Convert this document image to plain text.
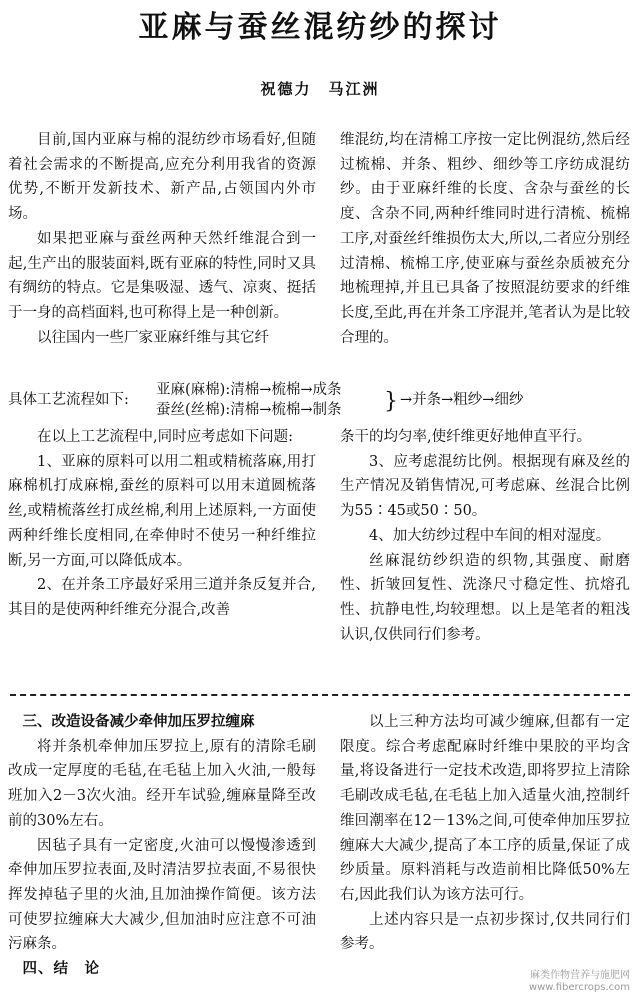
亚麻与蚕丝混纺纱的探讨
祝德力　马江洲

目前,国内亚麻与棉的混纺纱市场看好,但随着社会需求的不断提高,应充分利用我省的资源优势,不断开发新技术、新产品,占领国内外市场。

如果把亚麻与蚕丝两种天然纤维混合到一起,生产出的服装面料,既有亚麻的特性,同时又具有绸纺的特点。它是集吸湿、透气、凉爽、挺括于一身的高档面料,也可称得上是一种创新。

以往国内一些厂家亚麻纤维与其它纤

维混纺,均在清棉工序按一定比例混纺,然后经过梳棉、并条、粗纱、细纱等工序纺成混纺纱。由于亚麻纤维的长度、含杂与蚕丝的长度、含杂不同,两种纤维同时进行清梳、梳棉工序,对蚕丝纤维损伤太大,所以,二者应分别经过清棉、梳棉工序,使亚麻与蚕丝杂质被充分地梳理掉,并且已具备了按照混纺要求的纤维长度,至此,再在并条工序混并,笔者认为是比较合理的。

具体工艺流程如下:
亚麻(麻棉):清棉→梳棉→成条
蚕丝(丝棉):清棉→梳棉→制条 } →并条→粗纱→细纱

在以上工艺流程中,同时应考虑如下问题:

1、亚麻的原料可以用二粗或精梳落麻,用打麻棉机打成麻棉,蚕丝的原料可以用末道圆梳落丝,或精梳落丝打成丝棉,利用上述原料,一方面使两种纤维长度相同,在牵伸时不使另一种纤维拉断,另一方面,可以降低成本。

2、在并条工序最好采用三道并条反复并合,其目的是使两种纤维充分混合,改善

条干的均匀率,使纤维更好地伸直平行。

3、应考虑混纺比例。根据现有麻及丝的生产情况及销售情况,可考虑麻、丝混合比例为55∶45或50∶50。

4、加大纺纱过程中车间的相对湿度。

丝麻混纺纱织造的织物,其强度、耐磨性、折皱回复性、洗涤尺寸稳定性、抗熔孔性、抗静电性,均较理想。以上是笔者的粗浅认识,仅供同行们参考。

三、改造设备减少牵伸加压罗拉缠麻

将并条机牵伸加压罗拉上,原有的清除毛刷改成一定厚度的毛毡,在毛毡上加入火油,一般每班加入2－3次火油。经开车试验,缠麻量降至改前的30%左右。

因毡子具有一定密度,火油可以慢慢渗透到牵伸加压罗拉表面,及时清洁罗拉表面,不易很快挥发掉毡子里的火油,且加油操作简便。该方法可使罗拉缠麻大大减少,但加油时应注意不可油污麻条。

四、结　论

以上三种方法均可减少缠麻,但都有一定限度。综合考虑配麻时纤维中果胶的平均含量,将设备进行一定技术改造,即将罗拉上清除毛刷改成毛毡,在毛毡上加入适量火油,控制纤维回潮率在12－13%之间,可使牵伸加压罗拉缠麻大大减少,提高了本工序的质量,保证了成纱质量。原料消耗与改造前相比降低50%左右,因此我们认为该方法可行。

上述内容只是一点初步探讨,仅共同行们参考。

麻类作物营养与施肥网
www.fibercrops.com
